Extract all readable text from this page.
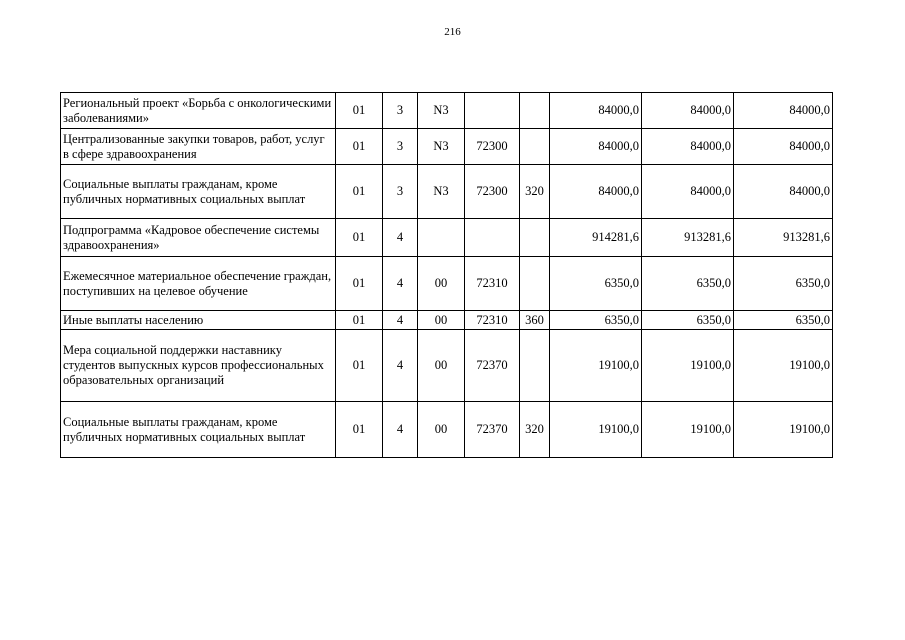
216
Региональный проект «Борьба с онкологическими заболеваниями»	01	3	N3			84000,0	84000,0	84000,0
Централизованные закупки товаров, работ, услуг в сфере здравоохранения	01	3	N3	72300		84000,0	84000,0	84000,0
Социальные выплаты гражданам, кроме публичных нормативных социальных выплат	01	3	N3	72300	320	84000,0	84000,0	84000,0
Подпрограмма «Кадровое обеспечение системы здравоохранения»	01	4				914281,6	913281,6	913281,6
Ежемесячное материальное обеспечение граждан, поступивших на целевое обучение	01	4	00	72310		6350,0	6350,0	6350,0
Иные выплаты населению	01	4	00	72310	360	6350,0	6350,0	6350,0
Мера социальной поддержки наставнику студентов выпускных курсов профессиональных образовательных организаций	01	4	00	72370		19100,0	19100,0	19100,0
Социальные выплаты гражданам, кроме публичных нормативных социальных выплат	01	4	00	72370	320	19100,0	19100,0	19100,0
